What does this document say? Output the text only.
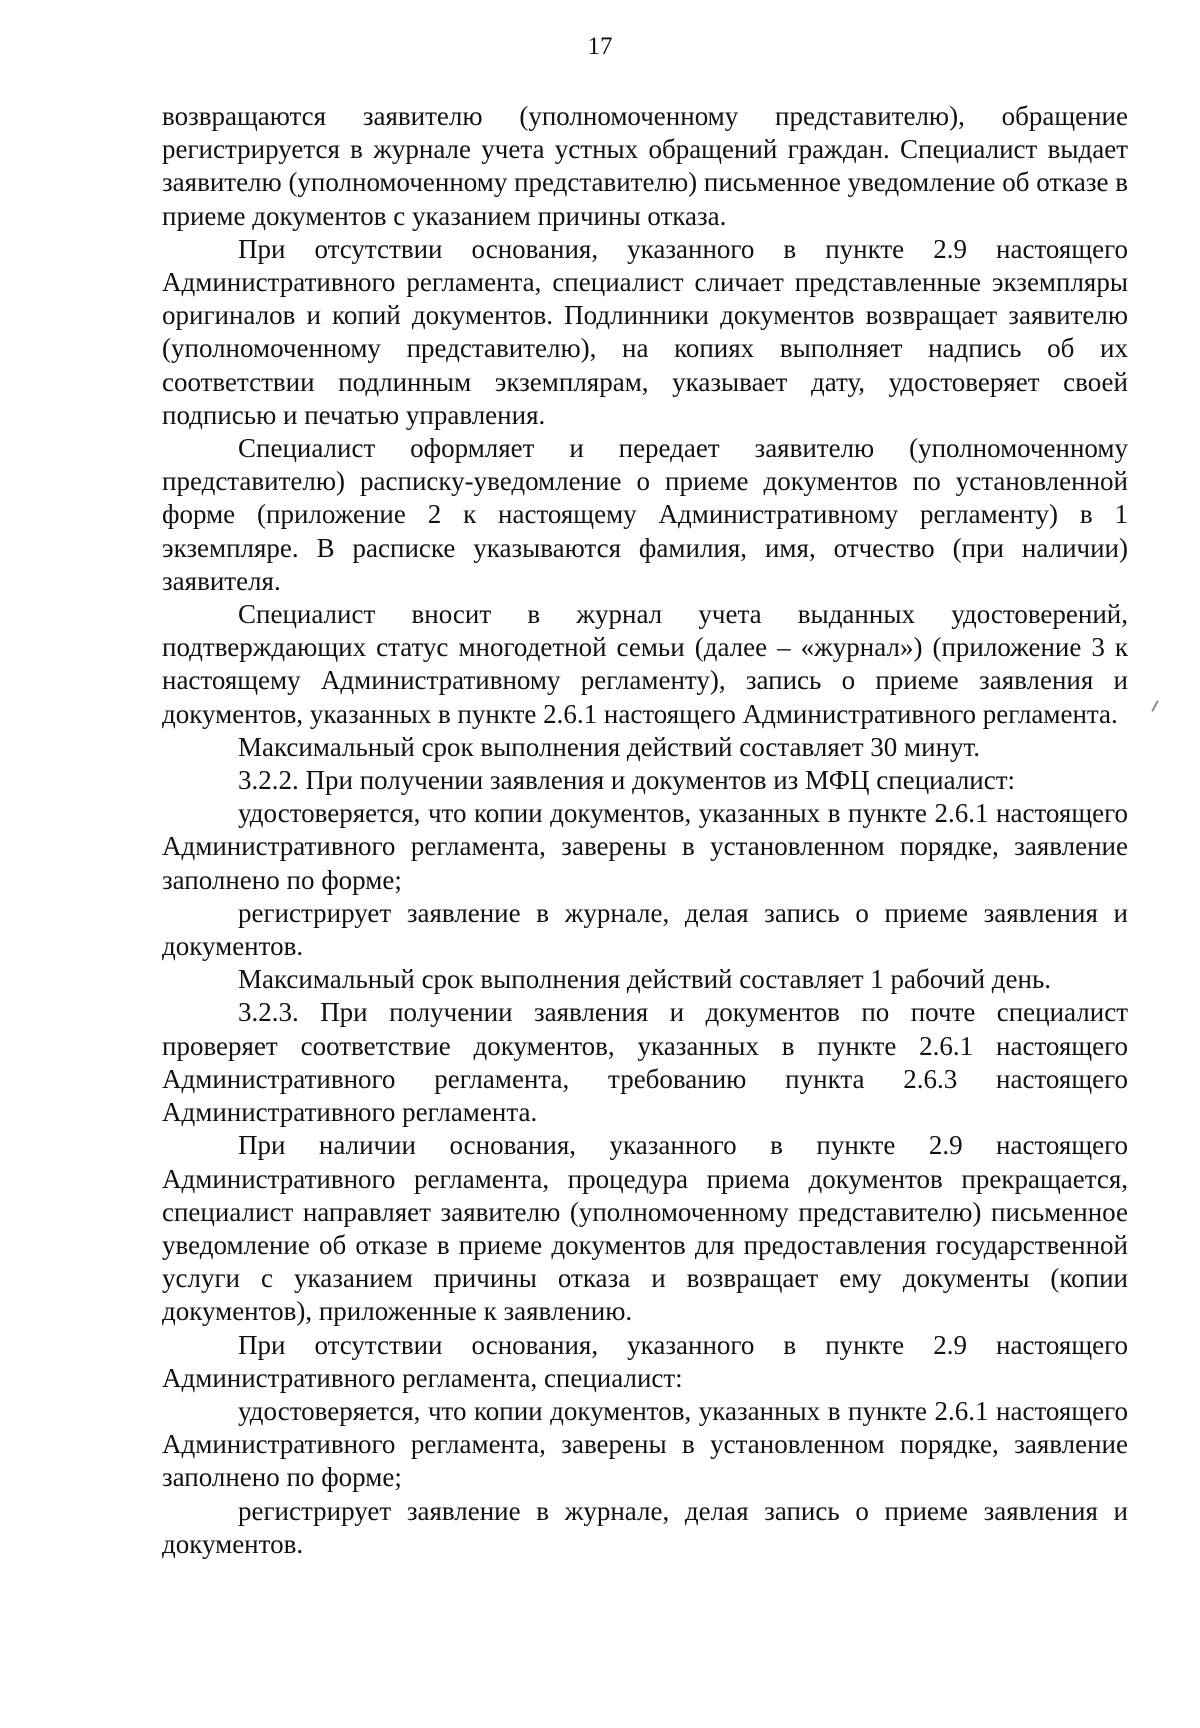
17

возвращаются заявителю (уполномоченному представителю), обращение регистрируется в журнале учета устных обращений граждан. Специалист выдает заявителю (уполномоченному представителю) письменное уведомление об отказе в приеме документов с указанием причины отказа.

При отсутствии основания, указанного в пункте 2.9 настоящего Административного регламента, специалист сличает представленные экземпляры оригиналов и копий документов. Подлинники документов возвращает заявителю (уполномоченному представителю), на копиях выполняет надпись об их соответствии подлинным экземплярам, указывает дату, удостоверяет своей подписью и печатью управления.

Специалист оформляет и передает заявителю (уполномоченному представителю) расписку-уведомление о приеме документов по установленной форме (приложение 2 к настоящему Административному регламенту) в 1 экземпляре. В расписке указываются фамилия, имя, отчество (при наличии) заявителя.

Специалист вносит в журнал учета выданных удостоверений, подтверждающих статус многодетной семьи (далее – «журнал») (приложение 3 к настоящему Административному регламенту), запись о приеме заявления и документов, указанных в пункте 2.6.1 настоящего Административного регламента.

Максимальный срок выполнения действий составляет 30 минут.

3.2.2. При получении заявления и документов из МФЦ специалист:

удостоверяется, что копии документов, указанных в пункте 2.6.1 настоящего Административного регламента, заверены в установленном порядке, заявление заполнено по форме;

регистрирует заявление в журнале, делая запись о приеме заявления и документов.

Максимальный срок выполнения действий составляет 1 рабочий день.

3.2.3. При получении заявления и документов по почте специалист проверяет соответствие документов, указанных в пункте 2.6.1 настоящего Административного регламента, требованию пункта 2.6.3 настоящего Административного регламента.

При наличии основания, указанного в пункте 2.9 настоящего Административного регламента, процедура приема документов прекращается, специалист направляет заявителю (уполномоченному представителю) письменное уведомление об отказе в приеме документов для предоставления государственной услуги с указанием причины отказа и возвращает ему документы (копии документов), приложенные к заявлению.

При отсутствии основания, указанного в пункте 2.9 настоящего Административного регламента, специалист:

удостоверяется, что копии документов, указанных в пункте 2.6.1 настоящего Административного регламента, заверены в установленном порядке, заявление заполнено по форме;

регистрирует заявление в журнале, делая запись о приеме заявления и документов.
